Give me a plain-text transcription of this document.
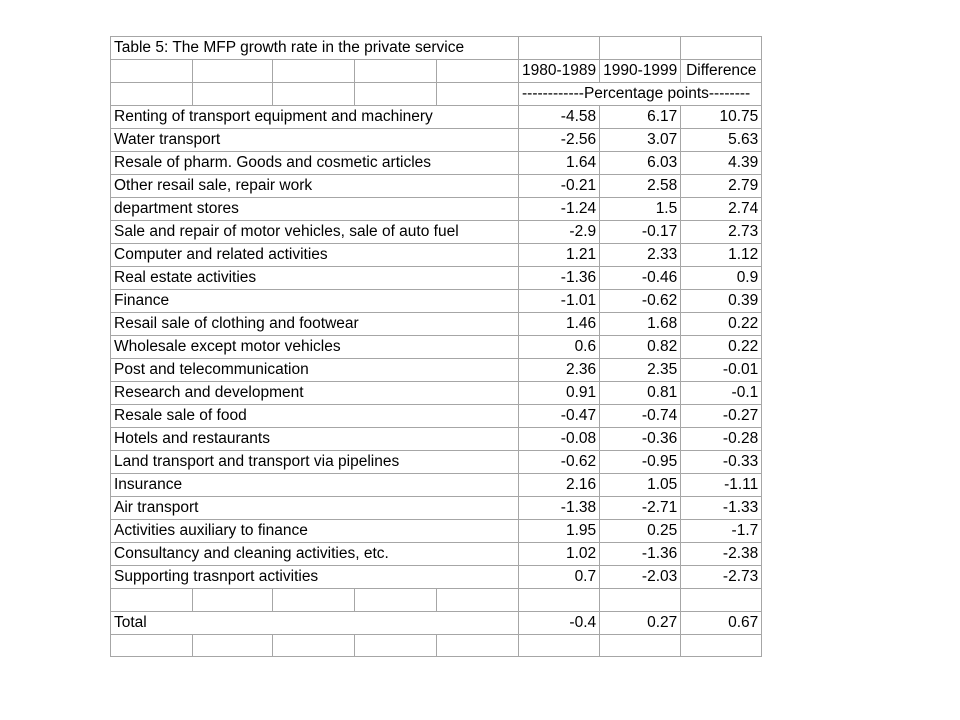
Table 5: The MFP growth rate in the private service							
					1980-1989	1990-1999	Difference
					------------Percentage points--------		
Renting of transport equipment and machinery					-4.58	6.17	10.75
Water transport					-2.56	3.07	5.63
Resale of pharm. Goods and cosmetic articles					1.64	6.03	4.39
Other resail sale, repair work					-0.21	2.58	2.79
department stores					-1.24	1.5	2.74
Sale and repair of motor vehicles, sale of auto fuel					-2.9	-0.17	2.73
Computer and related activities					1.21	2.33	1.12
Real estate activities					-1.36	-0.46	0.9
Finance					-1.01	-0.62	0.39
Resail sale of clothing and footwear					1.46	1.68	0.22
Wholesale except motor vehicles					0.6	0.82	0.22
Post and telecommunication					2.36	2.35	-0.01
Research and development					0.91	0.81	-0.1
Resale sale of food					-0.47	-0.74	-0.27
Hotels and restaurants					-0.08	-0.36	-0.28
Land transport and transport via pipelines					-0.62	-0.95	-0.33
Insurance					2.16	1.05	-1.11
Air transport					-1.38	-2.71	-1.33
Activities auxiliary to finance					1.95	0.25	-1.7
Consultancy and cleaning activities, etc.					1.02	-1.36	-2.38
Supporting trasnport activities					0.7	-2.03	-2.73

Total					-0.4	0.27	0.67
